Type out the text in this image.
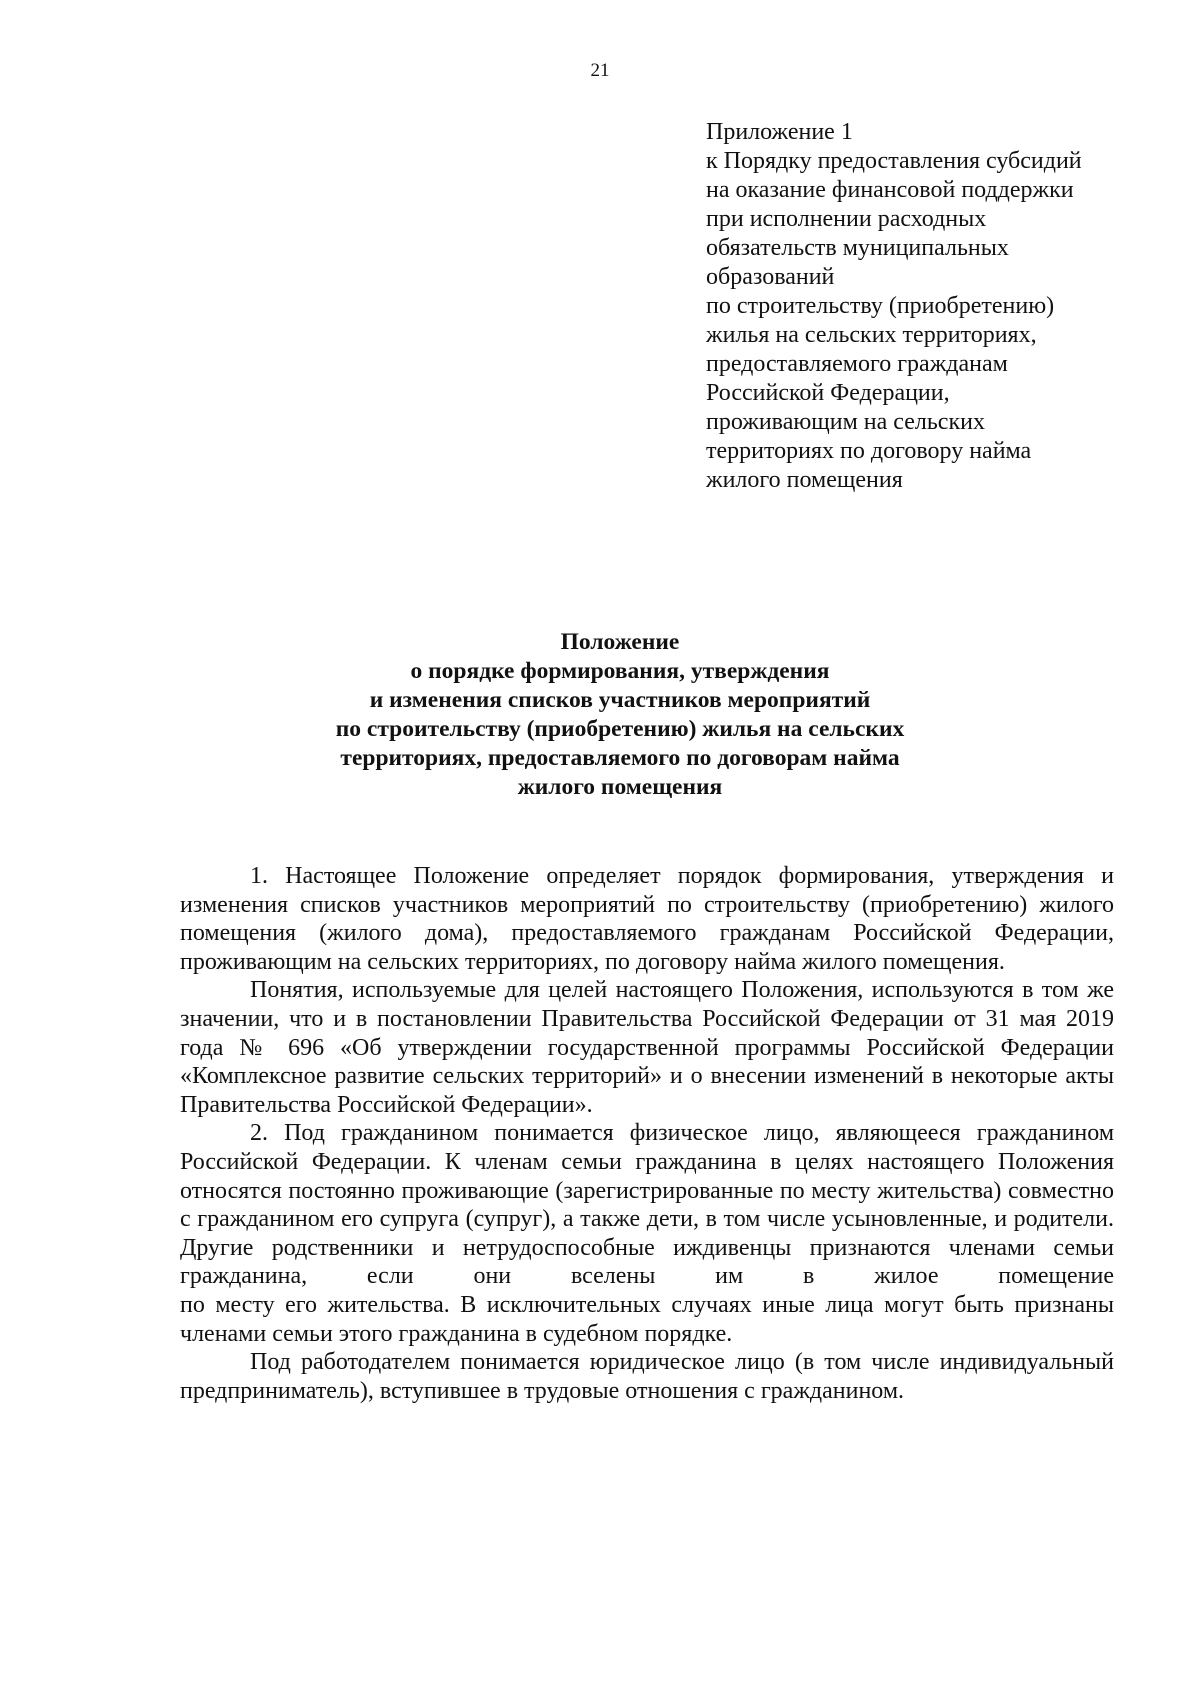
21
Приложение 1
к Порядку предоставления субсидий
на оказание финансовой поддержки
при исполнении расходных
обязательств муниципальных
образований
по строительству (приобретению)
жилья на сельских территориях,
предоставляемого гражданам
Российской Федерации,
проживающим на сельских
территориях по договору найма
жилого помещения
Положение
о порядке формирования, утверждения
и изменения списков участников мероприятий
по строительству (приобретению) жилья на сельских
территориях, предоставляемого по договорам найма
жилого помещения

1. Настоящее Положение определяет порядок формирования, утверждения и изменения списков участников мероприятий по строительству (приобретению) жилого помещения (жилого дома), предоставляемого гражданам Российской Федерации, проживающим на сельских территориях, по договору найма жилого помещения.

Понятия, используемые для целей настоящего Положения, используются в том же значении, что и в постановлении Правительства Российской Федерации от 31 мая 2019 года № 696 «Об утверждении государственной программы Российской Федерации «Комплексное развитие сельских территорий» и о внесении изменений в некоторые акты Правительства Российской Федерации».

2. Под гражданином понимается физическое лицо, являющееся гражданином Российской Федерации. К членам семьи гражданина в целях настоящего Положения относятся постоянно проживающие (зарегистрированные по месту жительства) совместно с гражданином его супруга (супруг), а также дети, в том числе усыновленные, и родители. Другие родственники и нетрудоспособные иждивенцы признаются членами семьи гражданина, если они вселены им в жилое помещение

по месту его жительства. В исключительных случаях иные лица могут быть признаны членами семьи этого гражданина в судебном порядке.

Под работодателем понимается юридическое лицо (в том числе индивидуальный предприниматель), вступившее в трудовые отношения с гражданином.
